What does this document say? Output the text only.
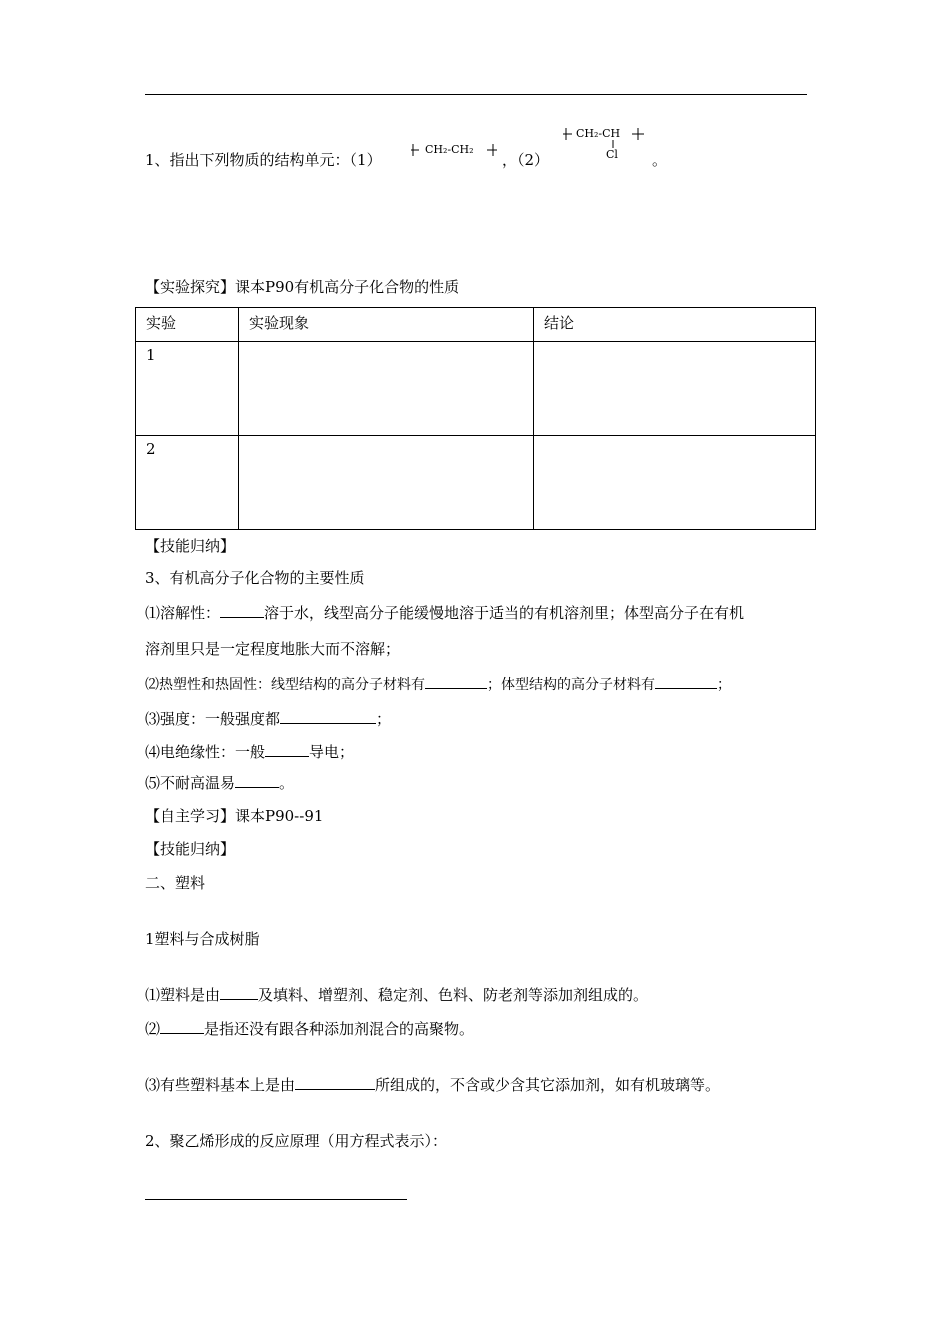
1、指出下列物质的结构单元：（1）
CH₂-CH₂
，（2）
CH₂-CH
Cl 。
【实验探究】课本P90有机高分子化合物的性质
实验	实验现象	结论
1		
2		
【技能归纳】
3、有机高分子化合物的主要性质
⑴溶解性：	溶于水，线型高分子能缓慢地溶于适当的有机溶剂里；体型高分子在有机
溶剂里只是一定程度地胀大而不溶解；
⑵热塑性和热固性：线型结构的高分子材料有	；体型结构的高分子材料有	；
⑶强度：一般强度都	；
⑷电绝缘性：一般	导电；
⑸不耐高温易	。
【自主学习】课本P90--91
【技能归纳】
二、塑料
1塑料与合成树脂
⑴塑料是由	及填料、增塑剂、稳定剂、色料、防老剂等添加剂组成的。
⑵	是指还没有跟各种添加剂混合的高聚物。
⑶有些塑料基本上是由	所组成的，不含或少含其它添加剂，如有机玻璃等。
2、聚乙烯形成的反应原理（用方程式表示）：
